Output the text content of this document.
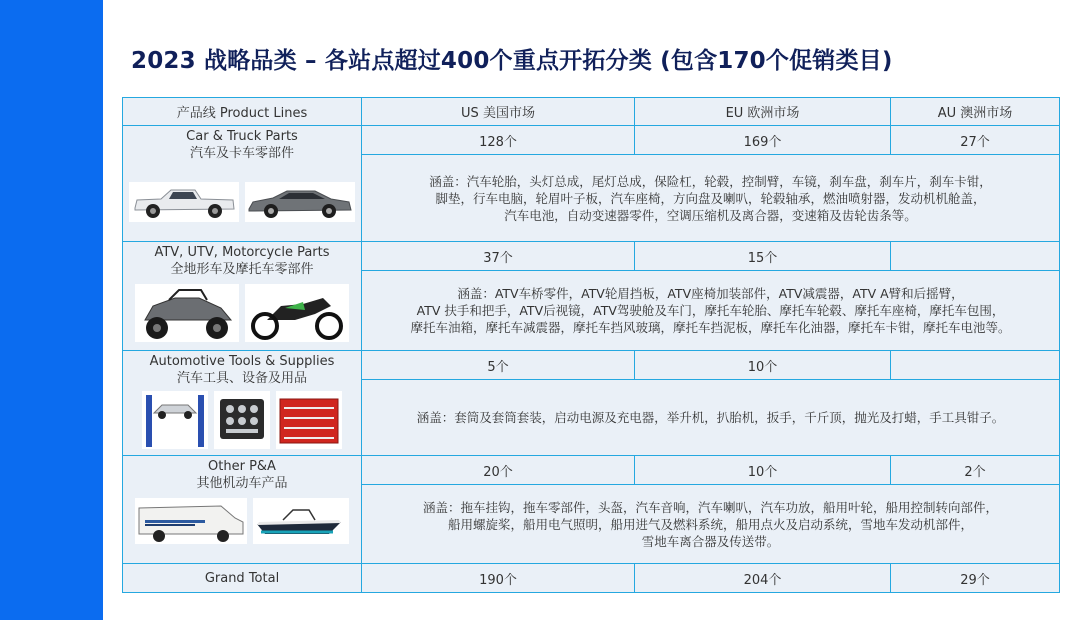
2023 战略品类 – 各站点超过400个重点开拓分类 (包含170个促销类目)
产品线 Product Lines	US 美国市场	EU 欧洲市场	AU 澳洲市场

Car & Truck Parts
汽车及卡车零部件	128个	169个	27个

	涵盖：汽车轮胎，头灯总成，尾灯总成，保险杠，轮毂，控制臂，车镜，刹车盘，刹车片，刹车卡钳，
脚垫，行车电脑，轮眉叶子板，汽车座椅，方向盘及喇叭，轮毂轴承，燃油喷射器，发动机机舱盖，
汽车电池，自动变速器零件，空调压缩机及离合器，变速箱及齿轮齿条等。		

ATV, UTV, Motorcycle Parts
全地形车及摩托车零部件	37个	15个	

	涵盖：ATV车桥零件，ATV轮眉挡板，ATV座椅加装部件，ATV减震器，ATV A臂和后摇臂，
ATV 扶手和把手，ATV后视镜，ATV驾驶舱及车门，摩托车轮胎、摩托车轮毂、摩托车座椅，摩托车包围，
摩托车油箱，摩托车减震器，摩托车挡风玻璃，摩托车挡泥板，摩托车化油器，摩托车卡钳，摩托车电池等。		

Automotive Tools & Supplies
汽车工具、设备及用品	5个	10个	

	涵盖：套筒及套筒套装，启动电源及充电器，举升机，扒胎机，扳手，千斤顶，抛光及打蜡，手工具钳子。		

Other P&A
其他机动车产品	20个	10个	2个

	涵盖：拖车挂钩，拖车零部件，头盔，汽车音响，汽车喇叭，汽车功放，船用叶轮，船用控制转向部件，
船用螺旋桨，船用电气照明，船用进气及燃料系统，船用点火及启动系统，雪地车发动机部件，
雪地车离合器及传送带。		

Grand Total	190个	204个	29个
